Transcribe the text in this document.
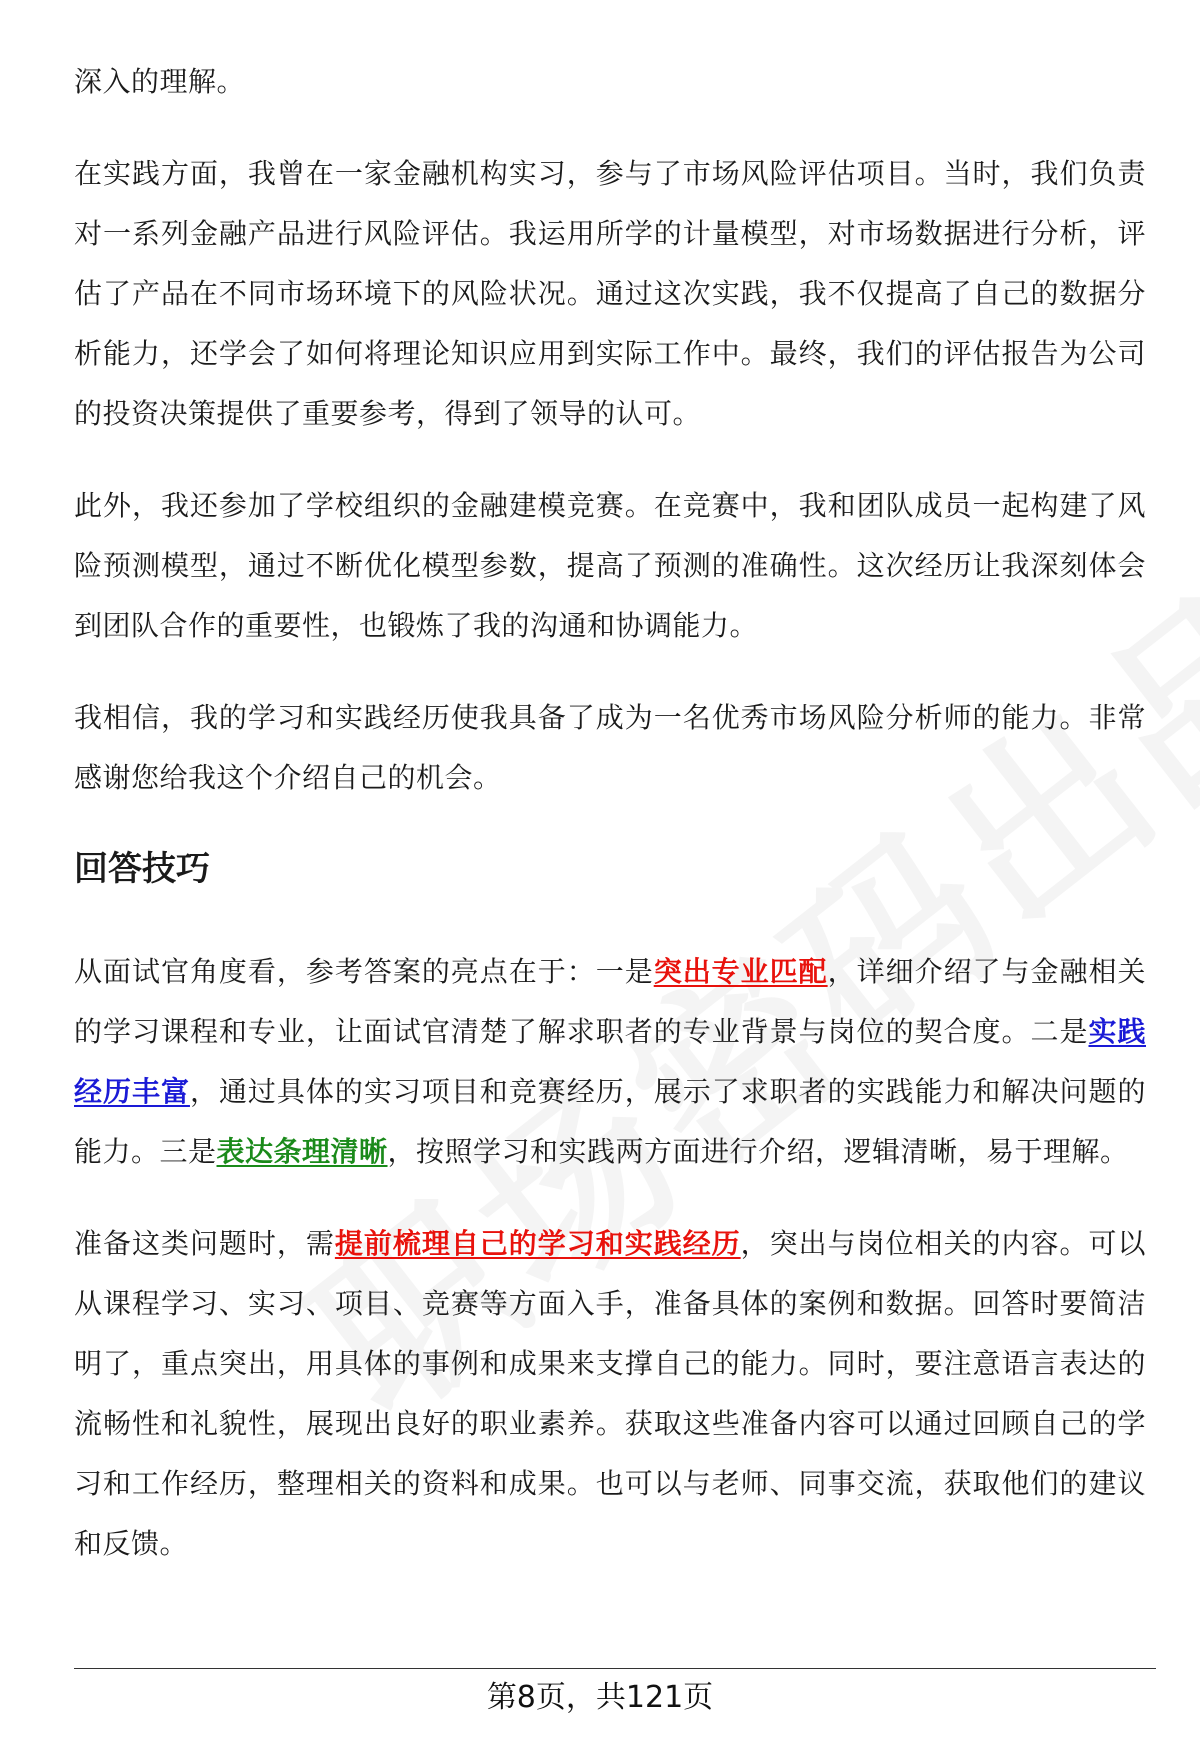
深入的理解。

在实践方面，我曾在一家金融机构实习，参与了市场风险评估项目。当时，我们负责对一系列金融产品进行风险评估。我运用所学的计量模型，对市场数据进行分析，评估了产品在不同市场环境下的风险状况。通过这次实践，我不仅提高了自己的数据分析能力，还学会了如何将理论知识应用到实际工作中。最终，我们的评估报告为公司的投资决策提供了重要参考，得到了领导的认可。

此外，我还参加了学校组织的金融建模竞赛。在竞赛中，我和团队成员一起构建了风险预测模型，通过不断优化模型参数，提高了预测的准确性。这次经历让我深刻体会到团队合作的重要性，也锻炼了我的沟通和协调能力。

我相信，我的学习和实践经历使我具备了成为一名优秀市场风险分析师的能力。非常感谢您给我这个介绍自己的机会。

回答技巧

从面试官角度看，参考答案的亮点在于：一是突出专业匹配，详细介绍了与金融相关的学习课程和专业，让面试官清楚了解求职者的专业背景与岗位的契合度。二是实践经历丰富，通过具体的实习项目和竞赛经历，展示了求职者的实践能力和解决问题的能力。三是表达条理清晰，按照学习和实践两方面进行介绍，逻辑清晰，易于理解。

准备这类问题时，需提前梳理自己的学习和实践经历，突出与岗位相关的内容。可以从课程学习、实习、项目、竞赛等方面入手，准备具体的案例和数据。回答时要简洁明了，重点突出，用具体的事例和成果来支撑自己的能力。同时，要注意语言表达的流畅性和礼貌性，展现出良好的职业素养。获取这些准备内容可以通过回顾自己的学习和工作经历，整理相关的资料和成果。也可以与老师、同事交流，获取他们的建议和反馈。

第8页，共121页
